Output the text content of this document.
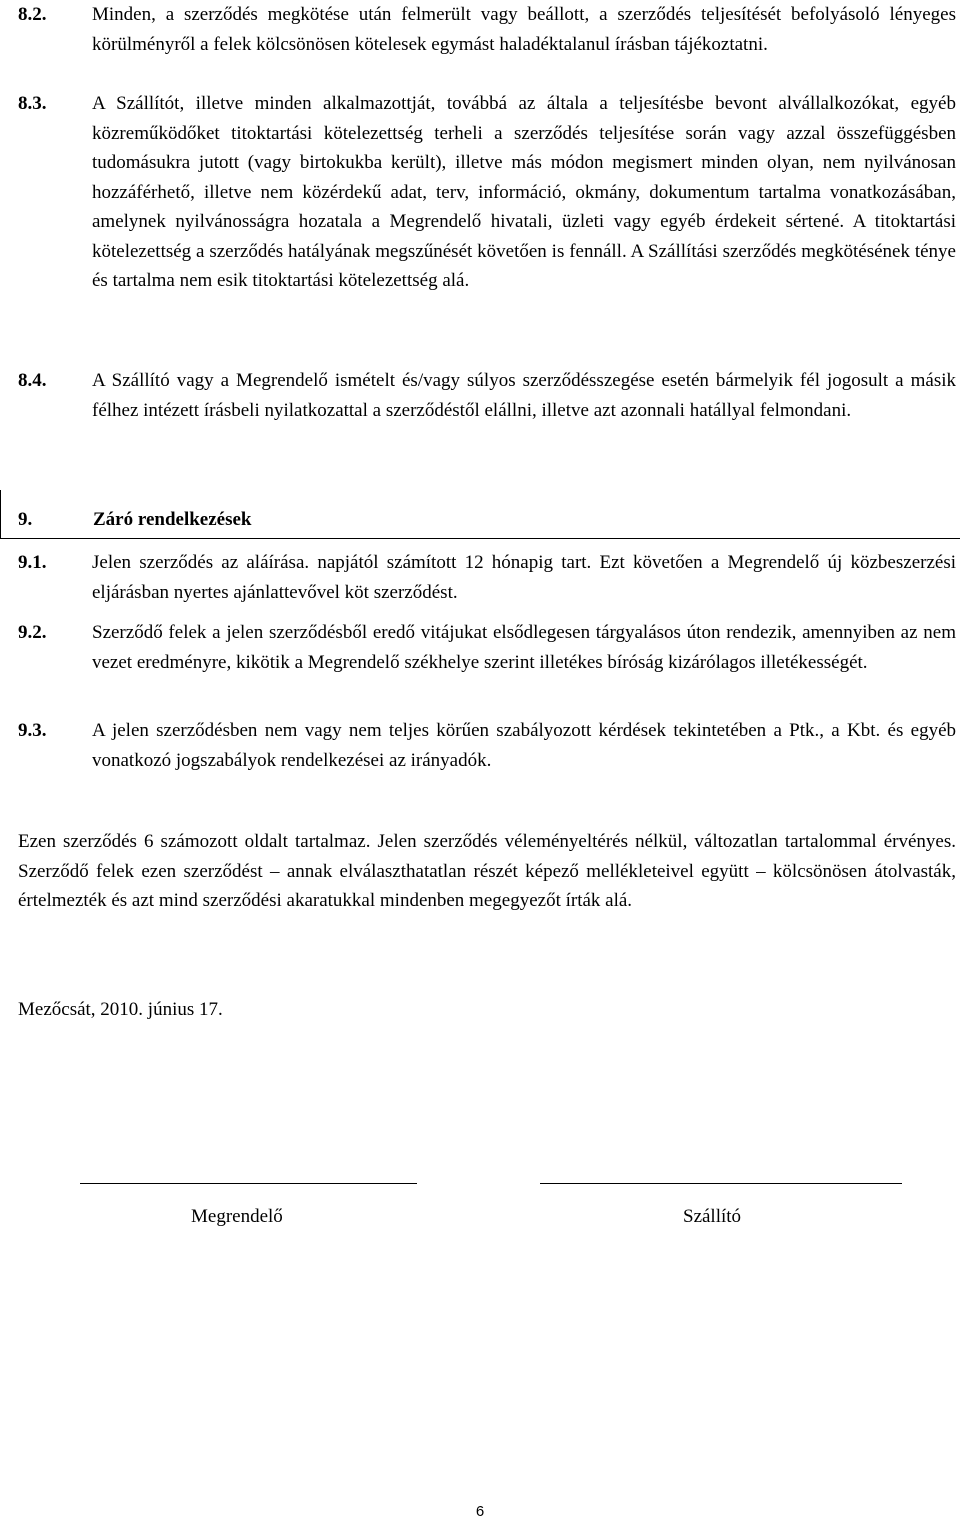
8.2. Minden, a szerződés megkötése után felmerült vagy beállott, a szerződés teljesítését befolyásoló lényeges körülményről a felek kölcsönösen kötelesek egymást haladéktalanul írásban tájékoztatni.
8.3. A Szállítót, illetve minden alkalmazottját, továbbá az általa a teljesítésbe bevont alvállalkozókat, egyéb közreműködőket titoktartási kötelezettség terheli a szerződés teljesítése során vagy azzal összefüggésben tudomásukra jutott (vagy birtokukba került), illetve más módon megismert minden olyan, nem nyilvánosan hozzáférhető, illetve nem közérdekű adat, terv, információ, okmány, dokumentum tartalma vonatkozásában, amelynek nyilvánosságra hozatala a Megrendelő hivatali, üzleti vagy egyéb érdekeit sértené. A titoktartási kötelezettség a szerződés hatályának megszűnését követően is fennáll. A Szállítási szerződés megkötésének ténye és tartalma nem esik titoktartási kötelezettség alá.
8.4. A Szállító vagy a Megrendelő ismételt és/vagy súlyos szerződésszegése esetén bármelyik fél jogosult a másik félhez intézett írásbeli nyilatkozattal a szerződéstől elállni, illetve azt azonnali hatállyal felmondani.
9.	Záró rendelkezések
9.1. Jelen szerződés az aláírása. napjától számított 12 hónapig tart. Ezt követően a Megrendelő új közbeszerzési eljárásban nyertes ajánlattevővel köt szerződést.
9.2. Szerződő felek a jelen szerződésből eredő vitájukat elsődlegesen tárgyalásos úton rendezik, amennyiben az nem vezet eredményre, kikötik a Megrendelő székhelye szerint illetékes bíróság kizárólagos illetékességét.
9.3. A jelen szerződésben nem vagy nem teljes körűen szabályozott kérdések tekintetében a Ptk., a Kbt. és egyéb vonatkozó jogszabályok rendelkezései az irányadók.
Ezen szerződés 6 számozott oldalt tartalmaz. Jelen szerződés véleményeltérés nélkül, változatlan tartalommal érvényes. Szerződő felek ezen szerződést – annak elválaszthatatlan részét képező mellékleteivel együtt – kölcsönösen átolvasták, értelmezték és azt mind szerződési akaratukkal mindenben megegyezőt írták alá.
Mezőcsát, 2010. június 17.
Megrendelő	Szállító
6
